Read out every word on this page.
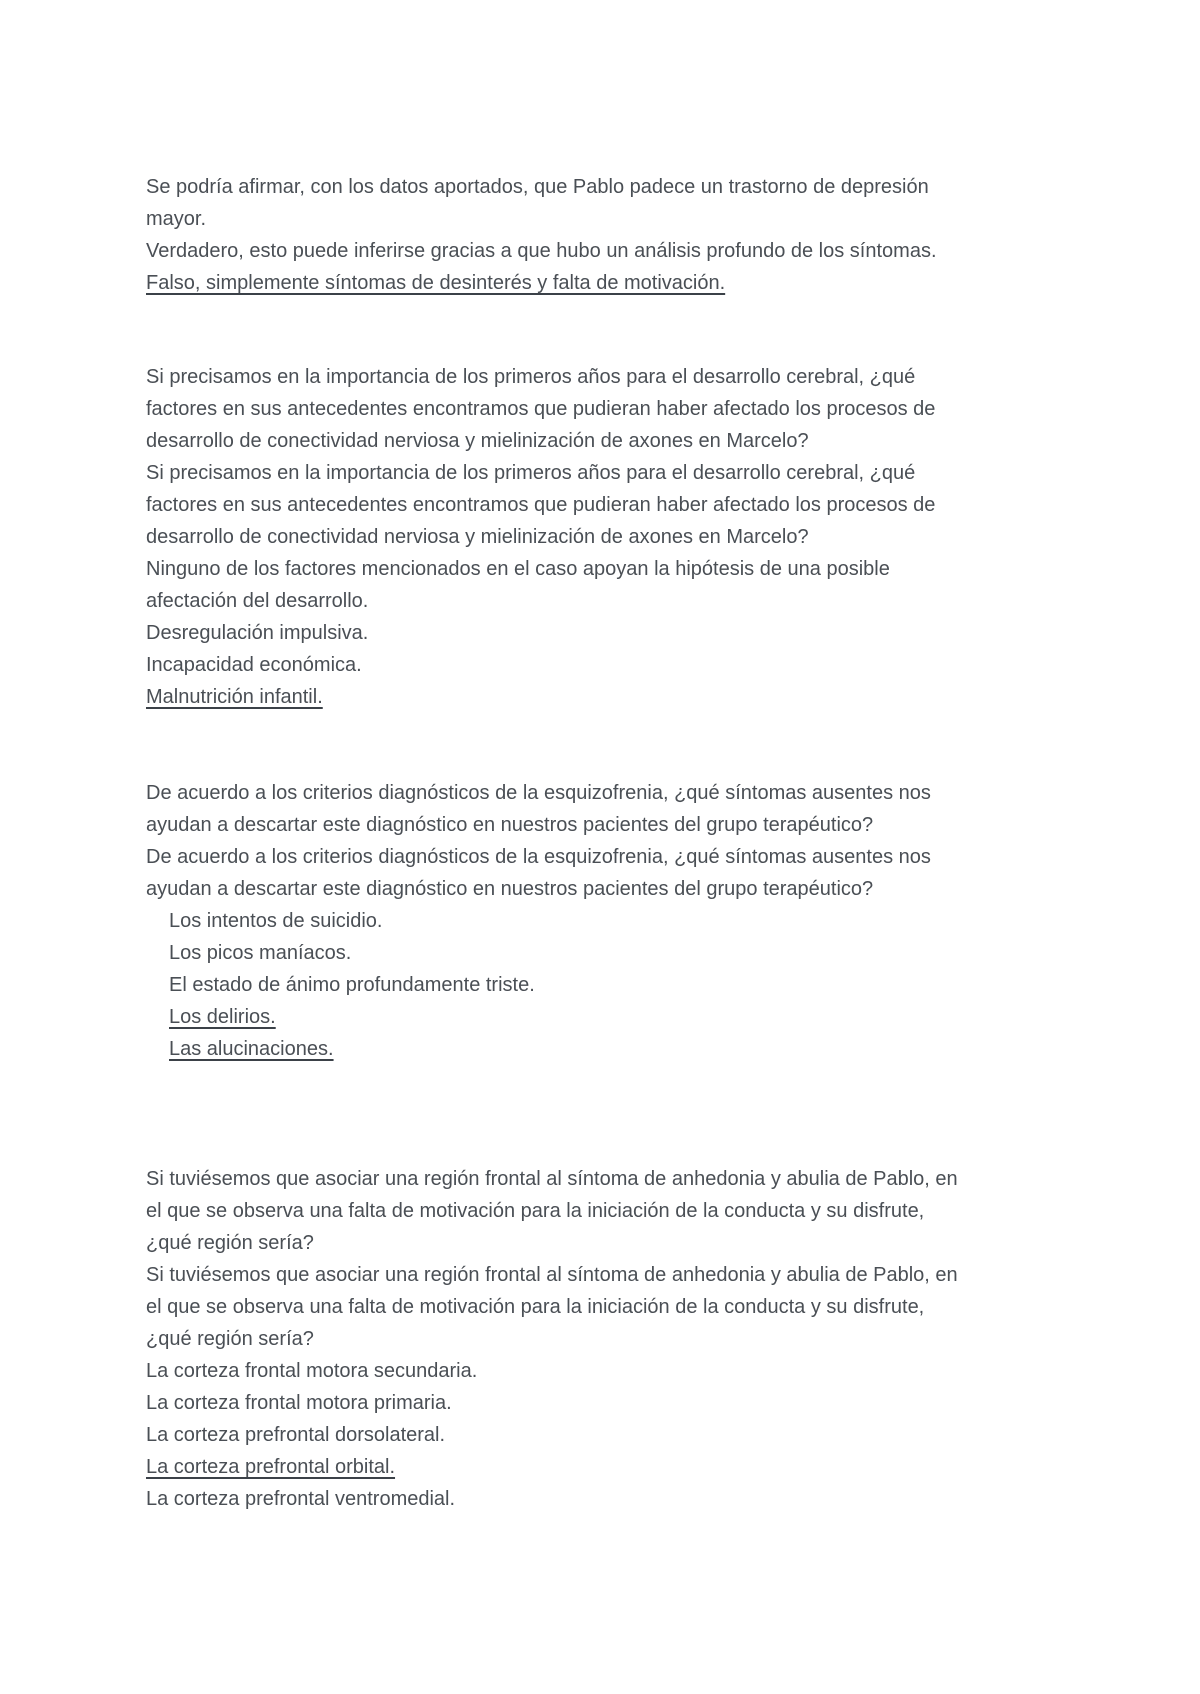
Se podría afirmar, con los datos aportados, que Pablo padece un trastorno de depresión
mayor.
Verdadero, esto puede inferirse gracias a que hubo un análisis profundo de los síntomas.
Falso, simplemente síntomas de desinterés y falta de motivación.
Si precisamos en la importancia de los primeros años para el desarrollo cerebral, ¿qué
factores en sus antecedentes encontramos que pudieran haber afectado los procesos de
desarrollo de conectividad nerviosa y mielinización de axones en Marcelo?
Si precisamos en la importancia de los primeros años para el desarrollo cerebral, ¿qué
factores en sus antecedentes encontramos que pudieran haber afectado los procesos de
desarrollo de conectividad nerviosa y mielinización de axones en Marcelo?
Ninguno de los factores mencionados en el caso apoyan la hipótesis de una posible
afectación del desarrollo.
Desregulación impulsiva.
Incapacidad económica.
Malnutrición infantil.
De acuerdo a los criterios diagnósticos de la esquizofrenia, ¿qué síntomas ausentes nos
ayudan a descartar este diagnóstico en nuestros pacientes del grupo terapéutico?
De acuerdo a los criterios diagnósticos de la esquizofrenia, ¿qué síntomas ausentes nos
ayudan a descartar este diagnóstico en nuestros pacientes del grupo terapéutico?
Los intentos de suicidio.
Los picos maníacos.
El estado de ánimo profundamente triste.
Los delirios.
Las alucinaciones.
Si tuviésemos que asociar una región frontal al síntoma de anhedonia y abulia de Pablo, en
el que se observa una falta de motivación para la iniciación de la conducta y su disfrute,
¿qué región sería?
Si tuviésemos que asociar una región frontal al síntoma de anhedonia y abulia de Pablo, en
el que se observa una falta de motivación para la iniciación de la conducta y su disfrute,
¿qué región sería?
La corteza frontal motora secundaria.
La corteza frontal motora primaria.
La corteza prefrontal dorsolateral.
La corteza prefrontal orbital.
La corteza prefrontal ventromedial.
